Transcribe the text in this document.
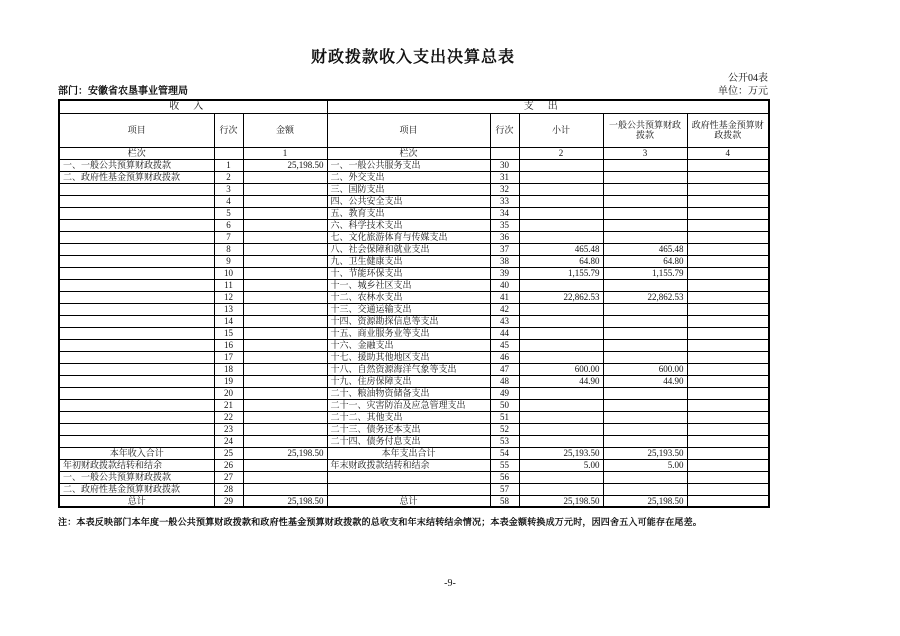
财政拨款收入支出决算总表
公开04表
部门：安徽省农垦事业管理局	单位：万元
收入			支出				
项目	行次	金额	项目	行次	小计	一般公共预算财政拨款	政府性基金预算财政拨款
栏次		1	栏次		2	3	4
一、一般公共预算财政拨款	1	25,198.50	一、一般公共服务支出	30			
二、政府性基金预算财政拨款	2		二、外交支出	31			
	3		三、国防支出	32			
	4		四、公共安全支出	33			
	5		五、教育支出	34			
	6		六、科学技术支出	35			
	7		七、文化旅游体育与传媒支出	36			
	8		八、社会保障和就业支出	37	465.48	465.48	
	9		九、卫生健康支出	38	64.80	64.80	
	10		十、节能环保支出	39	1,155.79	1,155.79	
	11		十一、城乡社区支出	40			
	12		十二、农林水支出	41	22,862.53	22,862.53	
	13		十三、交通运输支出	42			
	14		十四、资源勘探信息等支出	43			
	15		十五、商业服务业等支出	44			
	16		十六、金融支出	45			
	17		十七、援助其他地区支出	46			
	18		十八、自然资源海洋气象等支出	47	600.00	600.00	
	19		十九、住房保障支出	48	44.90	44.90	
	20		二十、粮油物资储备支出	49			
	21		二十一、灾害防治及应急管理支出	50			
	22		二十二、其他支出	51			
	23		二十三、债务还本支出	52			
	24		二十四、债务付息支出	53			
本年收入合计	25	25,198.50	本年支出合计	54	25,193.50	25,193.50	
年初财政拨款结转和结余	26		年末财政拨款结转和结余	55	5.00	5.00	
一、一般公共预算财政拨款	27			56			
二、政府性基金预算财政拨款	28			57			
总计	29	25,198.50	总计	58	25,198.50	25,198.50	

注：本表反映部门本年度一般公共预算财政拨款和政府性基金预算财政拨款的总收支和年末结转结余情况；本表金额转换成万元时，因四舍五入可能存在尾差。

-9-
